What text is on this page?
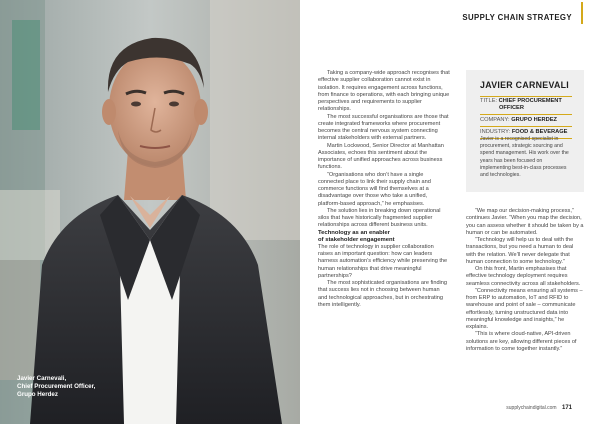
Javier Carnevali,
Chief Procurement Officer,
Grupo Herdez
SUPPLY CHAIN STRATEGY

Taking a company-wide approach recognises that effective supplier collaboration cannot exist in isolation. It requires engagement across functions, from finance to operations, with each bringing unique perspectives and requirements to supplier relationships.

The most successful organisations are those that create integrated frameworks where procurement becomes the central nervous system connecting internal stakeholders with external partners.

Martin Lockwood, Senior Director at Manhattan Associates, echoes this sentiment about the importance of unified approaches across business functions.

“Organisations who don’t have a single connected place to link their supply chain and commerce functions will find themselves at a disadvantage over those who take a unified, platform-based approach,” he emphasises.

The solution lies in breaking down operational silos that have historically fragmented supplier relationships across different business units.

Technology as an enabler
of stakeholder engagement

The role of technology in supplier collaboration raises an important question: how can leaders harness automation’s efficiency while preserving the human relationships that drive meaningful partnerships?

The most sophisticated organisations are finding that success lies not in choosing between human and technological approaches, but in orchestrating them intelligently.

JAVIER CARNEVALI
TITLE: CHIEF PROCUREMENT
OFFICER
COMPANY: GRUPO HERDEZ
INDUSTRY: FOOD & BEVERAGE
Javier is a recognised specialist in procurement, strategic sourcing and spend management. His work over the years has been focused on implementing best-in-class processes and technologies.

“We map our decision-making process,” continues Javier. “When you map the decision, you can assess whether it should be taken by a human or can be automated.

“Technology will help us to deal with the transactions, but you need a human to deal with the relation. We’ll never delegate that human connection to some technology.”

On this front, Martin emphasises that effective technology deployment requires seamless connectivity across all stakeholders.

“Connectivity means ensuring all systems – from ERP to automation, IoT and RFID to warehouse and point of sale – communicate effortlessly, turning unstructured data into meaningful knowledge and insights,” he explains.

“This is where cloud-native, API-driven solutions are key, allowing different pieces of information to come together instantly.”

supplychaindigital.com 171
